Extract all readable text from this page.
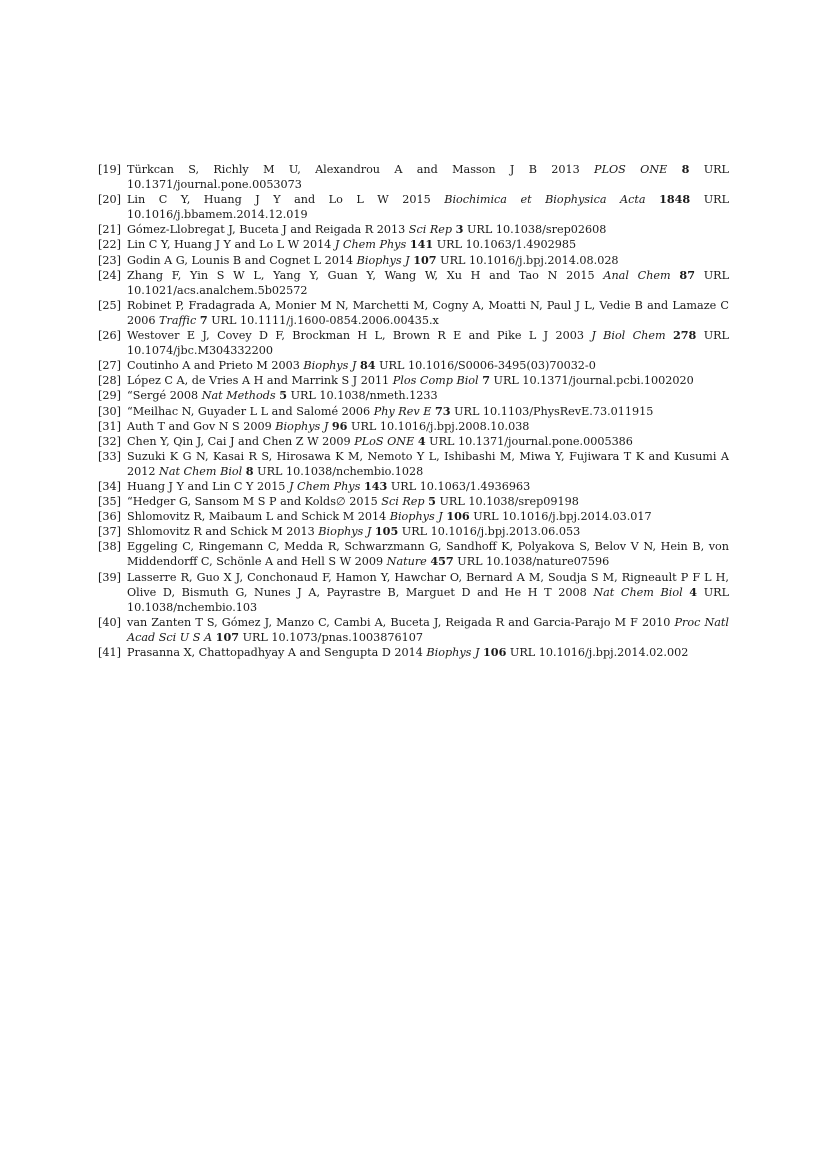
[19] Türkcan S, Richly M U, Alexandrou A and Masson J B 2013 PLOS ONE 8 URL 10.1371/journal.pone.0053073
[20] Lin C Y, Huang J Y and Lo L W 2015 Biochimica et Biophysica Acta 1848 URL 10.1016/j.bbamem.2014.12.019
[21] Gómez-Llobregat J, Buceta J and Reigada R 2013 Sci Rep 3 URL 10.1038/srep02608
[22] Lin C Y, Huang J Y and Lo L W 2014 J Chem Phys 141 URL 10.1063/1.4902985
[23] Godin A G, Lounis B and Cognet L 2014 Biophys J 107 URL 10.1016/j.bpj.2014.08.028
[24] Zhang F, Yin S W L, Yang Y, Guan Y, Wang W, Xu H and Tao N 2015 Anal Chem 87 URL 10.1021/acs.analchem.5b02572
[25] Robinet P, Fradagrada A, Monier M N, Marchetti M, Cogny A, Moatti N, Paul J L, Vedie B and Lamaze C 2006 Traffic 7 URL 10.1111/j.1600-0854.2006.00435.x
[26] Westover E J, Covey D F, Brockman H L, Brown R E and Pike L J 2003 J Biol Chem 278 URL 10.1074/jbc.M304332200
[27] Coutinho A and Prieto M 2003 Biophys J 84 URL 10.1016/S0006-3495(03)70032-0
[28] López C A, de Vries A H and Marrink S J 2011 Plos Comp Biol 7 URL 10.1371/journal.pcbi.1002020
[29] “Sergé 2008 Nat Methods 5 URL 10.1038/nmeth.1233
[30] “Meilhac N, Guyader L L and Salomé 2006 Phy Rev E 73 URL 10.1103/PhysRevE.73.011915
[31] Auth T and Gov N S 2009 Biophys J 96 URL 10.1016/j.bpj.2008.10.038
[32] Chen Y, Qin J, Cai J and Chen Z W 2009 PLoS ONE 4 URL 10.1371/journal.pone.0005386
[33] Suzuki K G N, Kasai R S, Hirosawa K M, Nemoto Y L, Ishibashi M, Miwa Y, Fujiwara T K and Kusumi A 2012 Nat Chem Biol 8 URL 10.1038/nchembio.1028
[34] Huang J Y and Lin C Y 2015 J Chem Phys 143 URL 10.1063/1.4936963
[35] “Hedger G, Sansom M S P and Kolds∅ 2015 Sci Rep 5 URL 10.1038/srep09198
[36] Shlomovitz R, Maibaum L and Schick M 2014 Biophys J 106 URL 10.1016/j.bpj.2014.03.017
[37] Shlomovitz R and Schick M 2013 Biophys J 105 URL 10.1016/j.bpj.2013.06.053
[38] Eggeling C, Ringemann C, Medda R, Schwarzmann G, Sandhoff K, Polyakova S, Belov V N, Hein B, von Middendorff C, Schönle A and Hell S W 2009 Nature 457 URL 10.1038/nature07596
[39] Lasserre R, Guo X J, Conchonaud F, Hamon Y, Hawchar O, Bernard A M, Soudja S M, Rigneault P F L H, Olive D, Bismuth G, Nunes J A, Payrastre B, Marguet D and He H T 2008 Nat Chem Biol 4 URL 10.1038/nchembio.103
[40] van Zanten T S, Gómez J, Manzo C, Cambi A, Buceta J, Reigada R and Garcia-Parajo M F 2010 Proc Natl Acad Sci U S A 107 URL 10.1073/pnas.1003876107
[41] Prasanna X, Chattopadhyay A and Sengupta D 2014 Biophys J 106 URL 10.1016/j.bpj.2014.02.002
